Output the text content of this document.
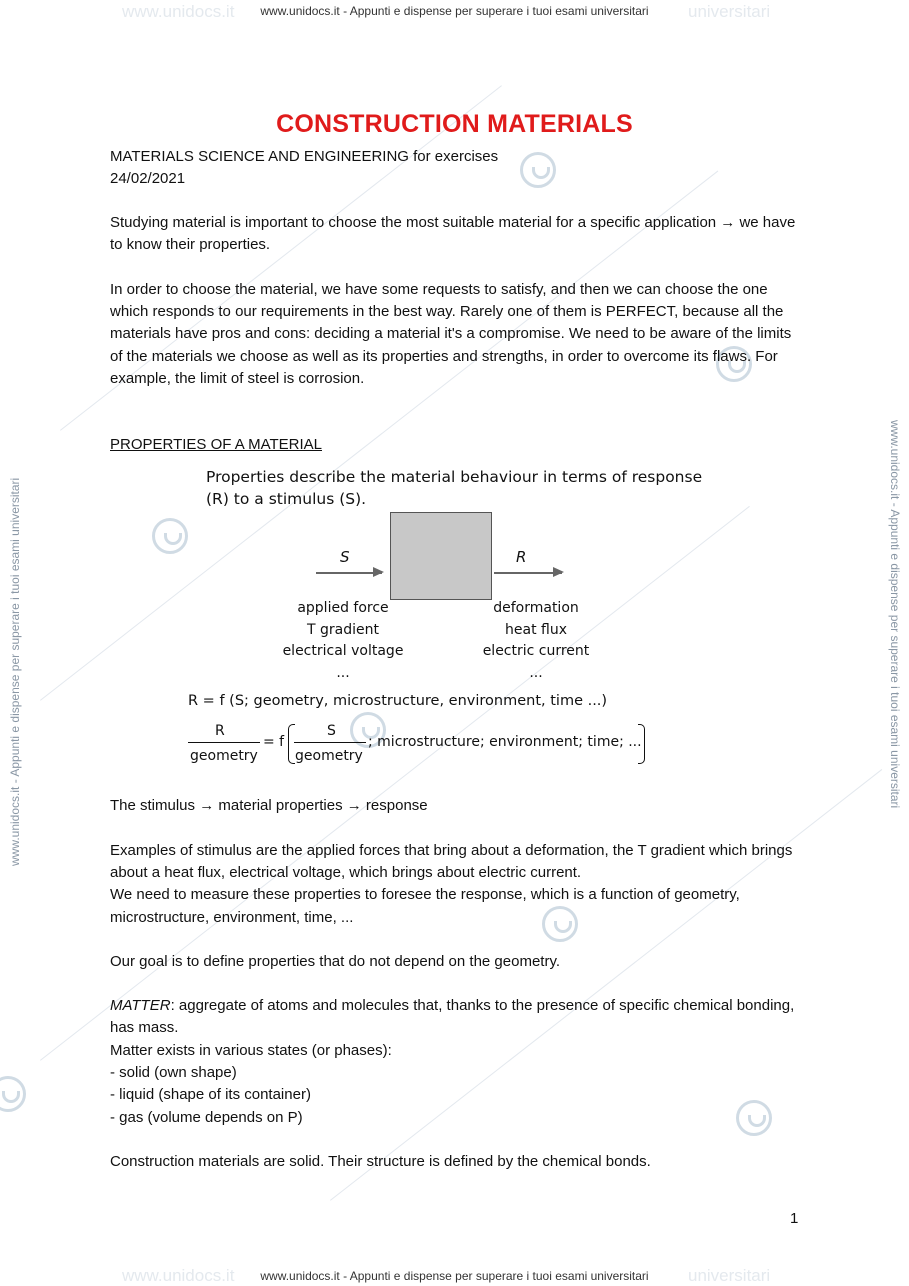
www.unidocs.it	universitari
www.unidocs.it	universitari
www.unidocs.it - Appunti e dispense per superare i tuoi esami universitari
www.unidocs.it - Appunti e dispense per superare i tuoi esami universitari
www.unidocs.it - Appunti e dispense per superare i tuoi esami universitari	www.unidocs.it - Appunti e dispense per superare i tuoi esami universitari
CONSTRUCTION MATERIALS

MATERIALS SCIENCE AND ENGINEERING for exercises

24/02/2021

Studying material is important to choose the most suitable material for a specific application → we have to know their properties.

In order to choose the material, we have some requests to satisfy, and then we can choose the one which responds to our requirements in the best way. Rarely one of them is PERFECT, because all the materials have pros and cons: deciding a material it's a compromise. We need to be aware of the limits of the materials we choose as well as its properties and strengths, in order to overcome its flaws. For example, the limit of steel is corrosion.

PROPERTIES OF A MATERIAL

Properties describe the material behaviour in terms of response (R) to a stimulus (S).
S	R
applied force
T gradient
electrical voltage
...
deformation
heat flux
electric current
...
R = f (S; geometry, microstructure, environment, time ...)
R
geometry
= f
S
geometry
; microstructure; environment; time; ...

The stimulus → material properties → response

Examples of stimulus are the applied forces that bring about a deformation, the T gradient which brings about a heat flux, electrical voltage, which brings about electric current.
We need to measure these properties to foresee the response, which is a function of geometry, microstructure, environment, time, ...

Our goal is to define properties that do not depend on the geometry.

MATTER: aggregate of atoms and molecules that, thanks to the presence of specific chemical bonding, has mass.

Matter exists in various states (or phases):
- solid (own shape)
- liquid (shape of its container)
- gas (volume depends on P)

Construction materials are solid. Their structure is defined by the chemical bonds.

1
